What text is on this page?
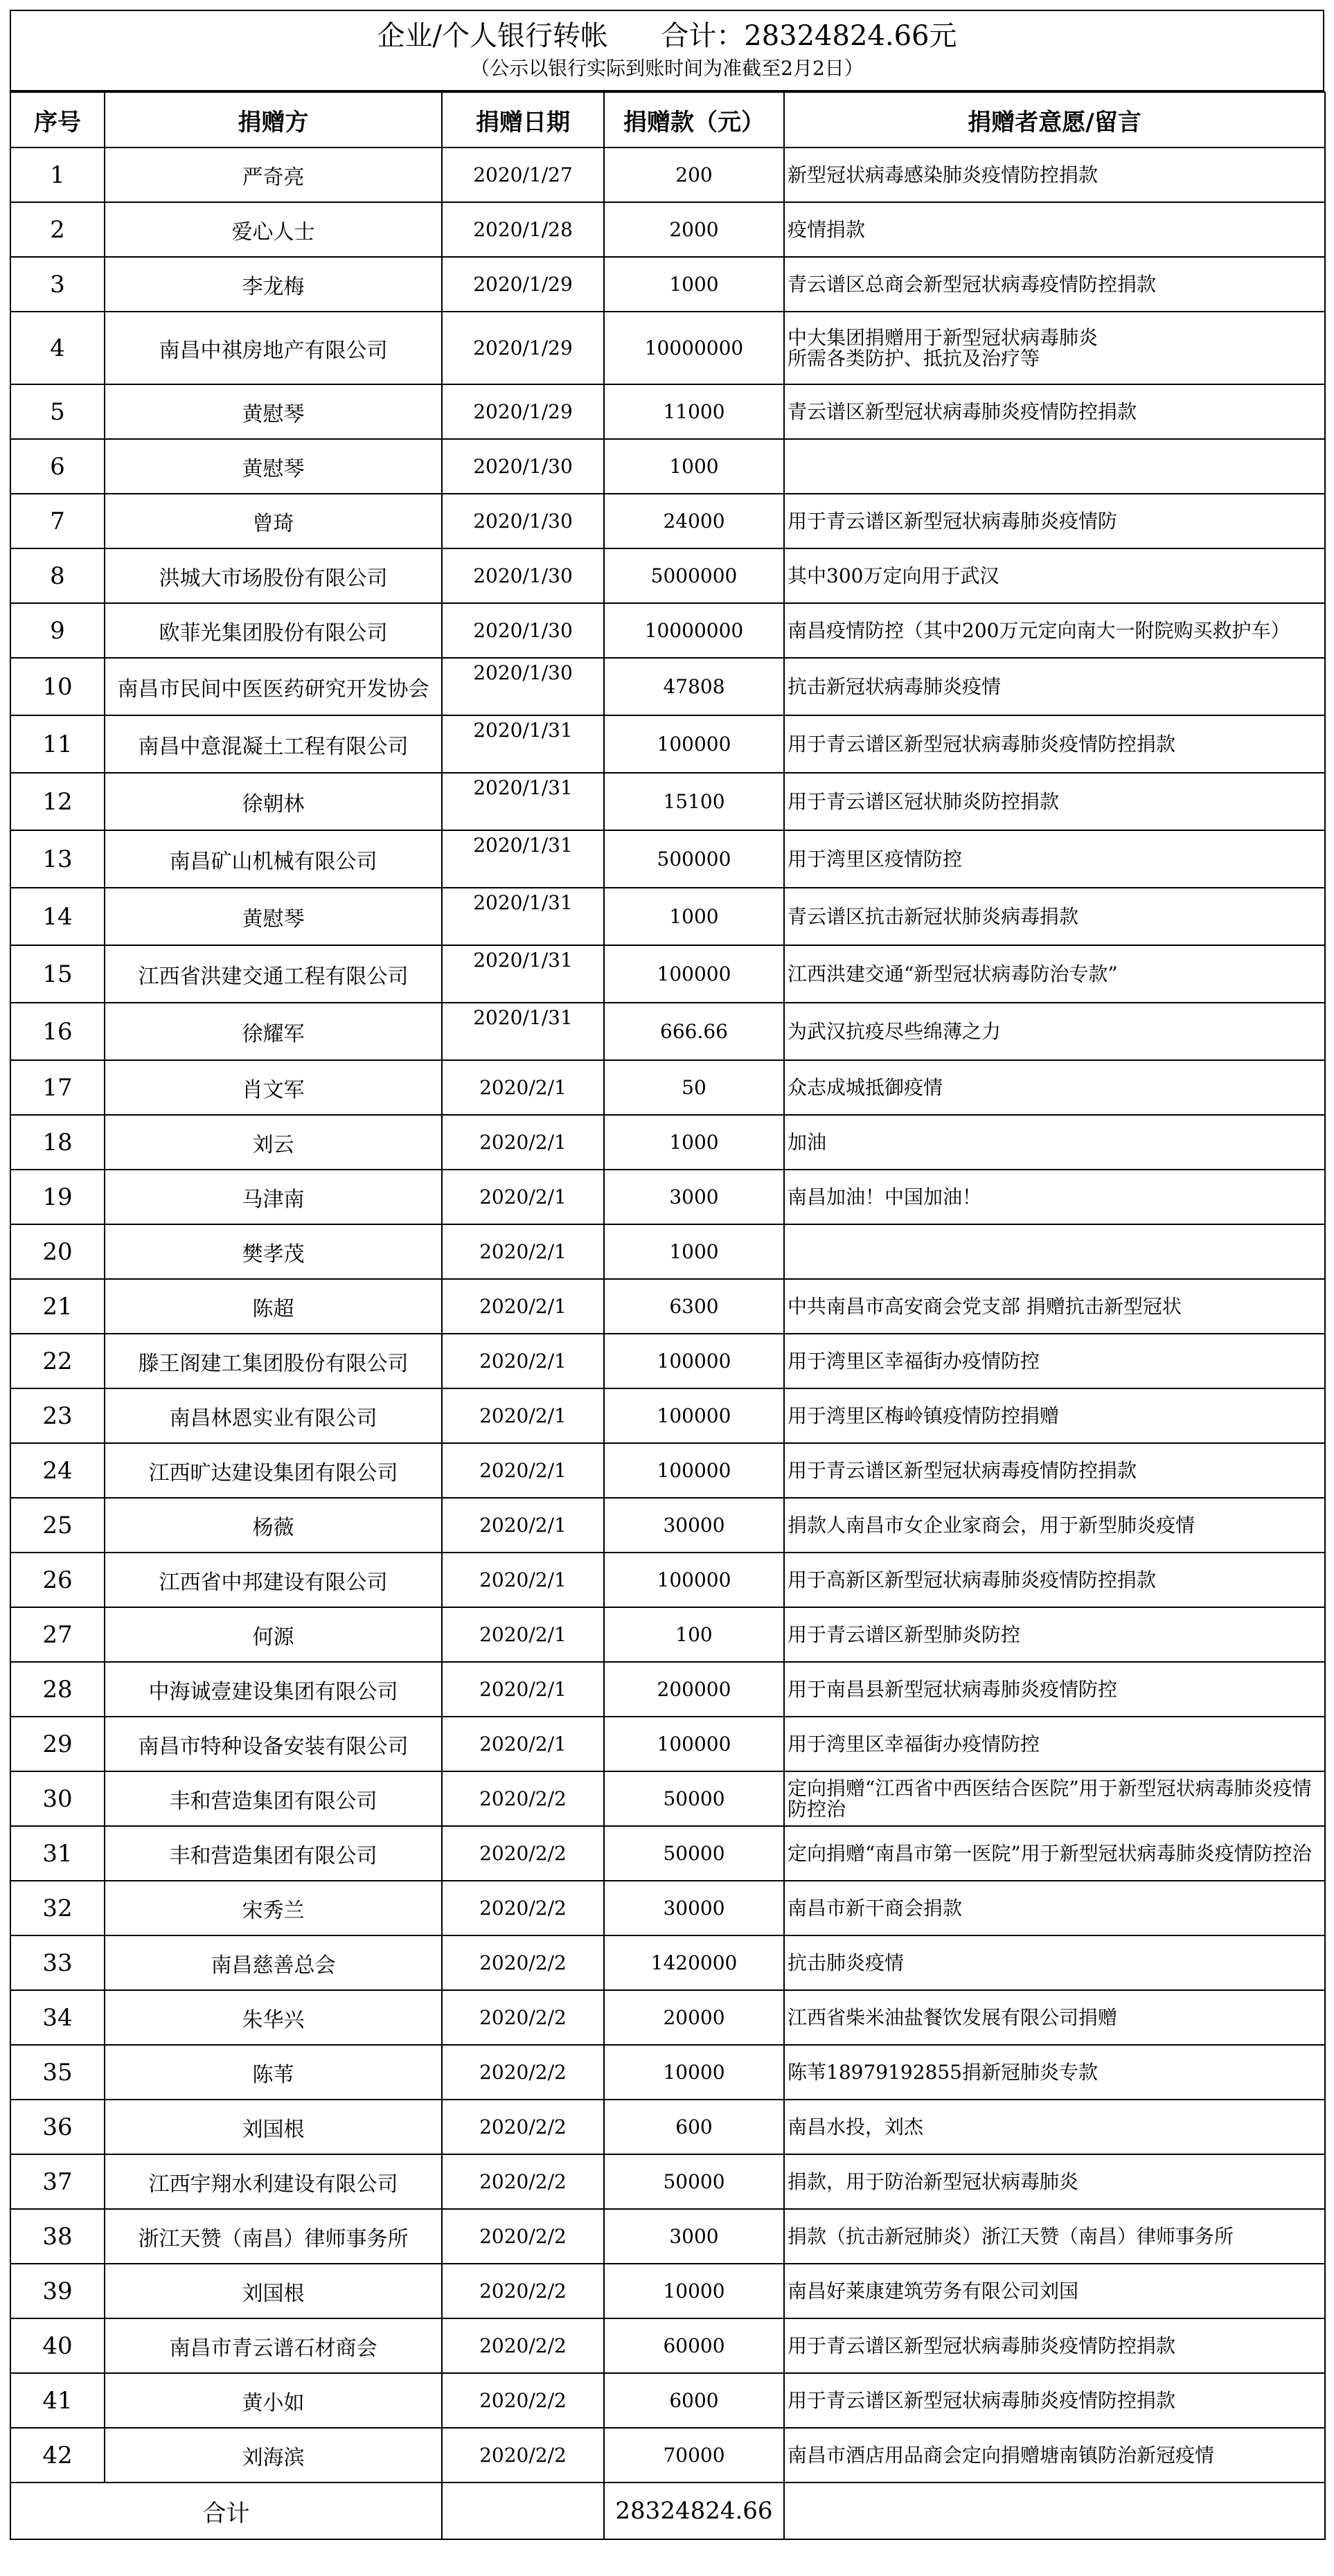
企业/个人银行转帐      合计：28324824.66元
（公示以银行实际到账时间为准截至2月2日）
序号	捐赠方	捐赠日期	捐赠款（元）	捐赠者意愿/留言
1	严奇亮	2020/1/27	200	新型冠状病毒感染肺炎疫情防控捐款
2	爱心人士	2020/1/28	2000	疫情捐款
3	李龙梅	2020/1/29	1000	青云谱区总商会新型冠状病毒疫情防控捐款
4	南昌中祺房地产有限公司	2020/1/29	10000000	中大集团捐赠用于新型冠状病毒肺炎
所需各类防护、抵抗及治疗等
5	黄慰琴	2020/1/29	11000	青云谱区新型冠状病毒肺炎疫情防控捐款
6	黄慰琴	2020/1/30	1000	
7	曾琦	2020/1/30	24000	用于青云谱区新型冠状病毒肺炎疫情防
8	洪城大市场股份有限公司	2020/1/30	5000000	其中300万定向用于武汉
9	欧菲光集团股份有限公司	2020/1/30	10000000	南昌疫情防控（其中200万元定向南大一附院购买救护车）
10	南昌市民间中医医药研究开发协会	2020/1/30	47808	抗击新冠状病毒肺炎疫情
11	南昌中意混凝土工程有限公司	2020/1/31	100000	用于青云谱区新型冠状病毒肺炎疫情防控捐款
12	徐朝林	2020/1/31	15100	用于青云谱区冠状肺炎防控捐款
13	南昌矿山机械有限公司	2020/1/31	500000	用于湾里区疫情防控
14	黄慰琴	2020/1/31	1000	青云谱区抗击新冠状肺炎病毒捐款
15	江西省洪建交通工程有限公司	2020/1/31	100000	江西洪建交通“新型冠状病毒防治专款”
16	徐耀军	2020/1/31	666.66	为武汉抗疫尽些绵薄之力
17	肖文军	2020/2/1	50	众志成城抵御疫情
18	刘云	2020/2/1	1000	加油
19	马津南	2020/2/1	3000	南昌加油！中国加油！
20	樊孝茂	2020/2/1	1000	
21	陈超	2020/2/1	6300	中共南昌市高安商会党支部 捐赠抗击新型冠状
22	滕王阁建工集团股份有限公司	2020/2/1	100000	用于湾里区幸福街办疫情防控
23	南昌林恩实业有限公司	2020/2/1	100000	用于湾里区梅岭镇疫情防控捐赠
24	江西旷达建设集团有限公司	2020/2/1	100000	用于青云谱区新型冠状病毒疫情防控捐款
25	杨薇	2020/2/1	30000	捐款人南昌市女企业家商会，用于新型肺炎疫情
26	江西省中邦建设有限公司	2020/2/1	100000	用于高新区新型冠状病毒肺炎疫情防控捐款
27	何源	2020/2/1	100	用于青云谱区新型肺炎防控
28	中海诚壹建设集团有限公司	2020/2/1	200000	用于南昌县新型冠状病毒肺炎疫情防控
29	南昌市特种设备安装有限公司	2020/2/1	100000	用于湾里区幸福街办疫情防控
30	丰和营造集团有限公司	2020/2/2	50000	定向捐赠“江西省中西医结合医院”用于新型冠状病毒肺炎疫情防控治
31	丰和营造集团有限公司	2020/2/2	50000	定向捐赠“南昌市第一医院”用于新型冠状病毒肺炎疫情防控治
32	宋秀兰	2020/2/2	30000	南昌市新干商会捐款
33	南昌慈善总会	2020/2/2	1420000	抗击肺炎疫情
34	朱华兴	2020/2/2	20000	江西省柴米油盐餐饮发展有限公司捐赠
35	陈苇	2020/2/2	10000	陈苇18979192855捐新冠肺炎专款
36	刘国根	2020/2/2	600	南昌水投，刘杰
37	江西宇翔水利建设有限公司	2020/2/2	50000	捐款，用于防治新型冠状病毒肺炎
38	浙江天赞（南昌）律师事务所	2020/2/2	3000	捐款（抗击新冠肺炎）浙江天赞（南昌）律师事务所
39	刘国根	2020/2/2	10000	南昌好莱康建筑劳务有限公司刘国
40	南昌市青云谱石材商会	2020/2/2	60000	用于青云谱区新型冠状病毒肺炎疫情防控捐款
41	黄小如	2020/2/2	6000	用于青云谱区新型冠状病毒肺炎疫情防控捐款
42	刘海滨	2020/2/2	70000	南昌市酒店用品商会定向捐赠塘南镇防治新冠疫情
合计			28324824.66	
